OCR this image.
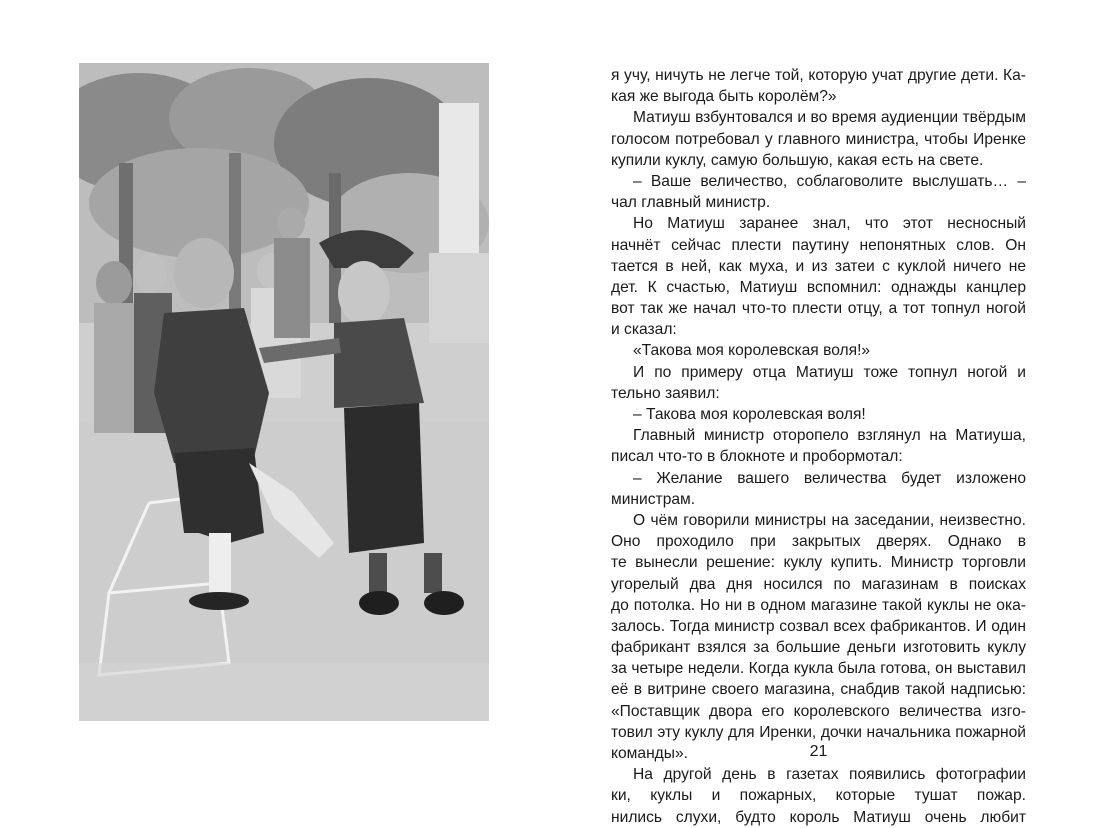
я учу, ничуть не легче той, которую учат другие дети. Ка-
кая же выгода быть королём?»
Матиуш взбунтовался и во время аудиенции твёрдым
голосом потребовал у главного министра, чтобы Иренке
купили куклу, самую большую, какая есть на свете.
– Ваше величество, соблаговолите выслушать… –
чал главный министр.
Но Матиуш заранее знал, что этот несносный
начнёт сейчас плести паутину непонятных слов. Он
тается в ней, как муха, и из затеи с куклой ничего не
дет. К счастью, Матиуш вспомнил: однажды канцлер
вот так же начал что-то плести отцу, а тот топнул ногой
и сказал:
«Такова моя королевская воля!»
И по примеру отца Матиуш тоже топнул ногой и
тельно заявил:
– Такова моя королевская воля!
Главный министр оторопело взглянул на Матиуша,
писал что-то в блокноте и пробормотал:
– Желание вашего величества будет изложено
министрам.
О чём говорили министры на заседании, неизвестно.
Оно проходило при закрытых дверях. Однако в
те вынесли решение: куклу купить. Министр торговли
угорелый два дня носился по магазинам в поисках
до потолка. Но ни в одном магазине такой куклы не ока-
залось. Тогда министр созвал всех фабрикантов. И один
фабрикант взялся за большие деньги изготовить куклу
за четыре недели. Когда кукла была готова, он выставил
её в витрине своего магазина, снабдив такой надписью:
«Поставщик двора его королевского величества изго-
товил эту куклу для Иренки, дочки начальника пожарной
команды».
На другой день в газетах появились фотографии
ки, куклы и пожарных, которые тушат пожар.
нились слухи, будто король Матиуш очень любит
21
